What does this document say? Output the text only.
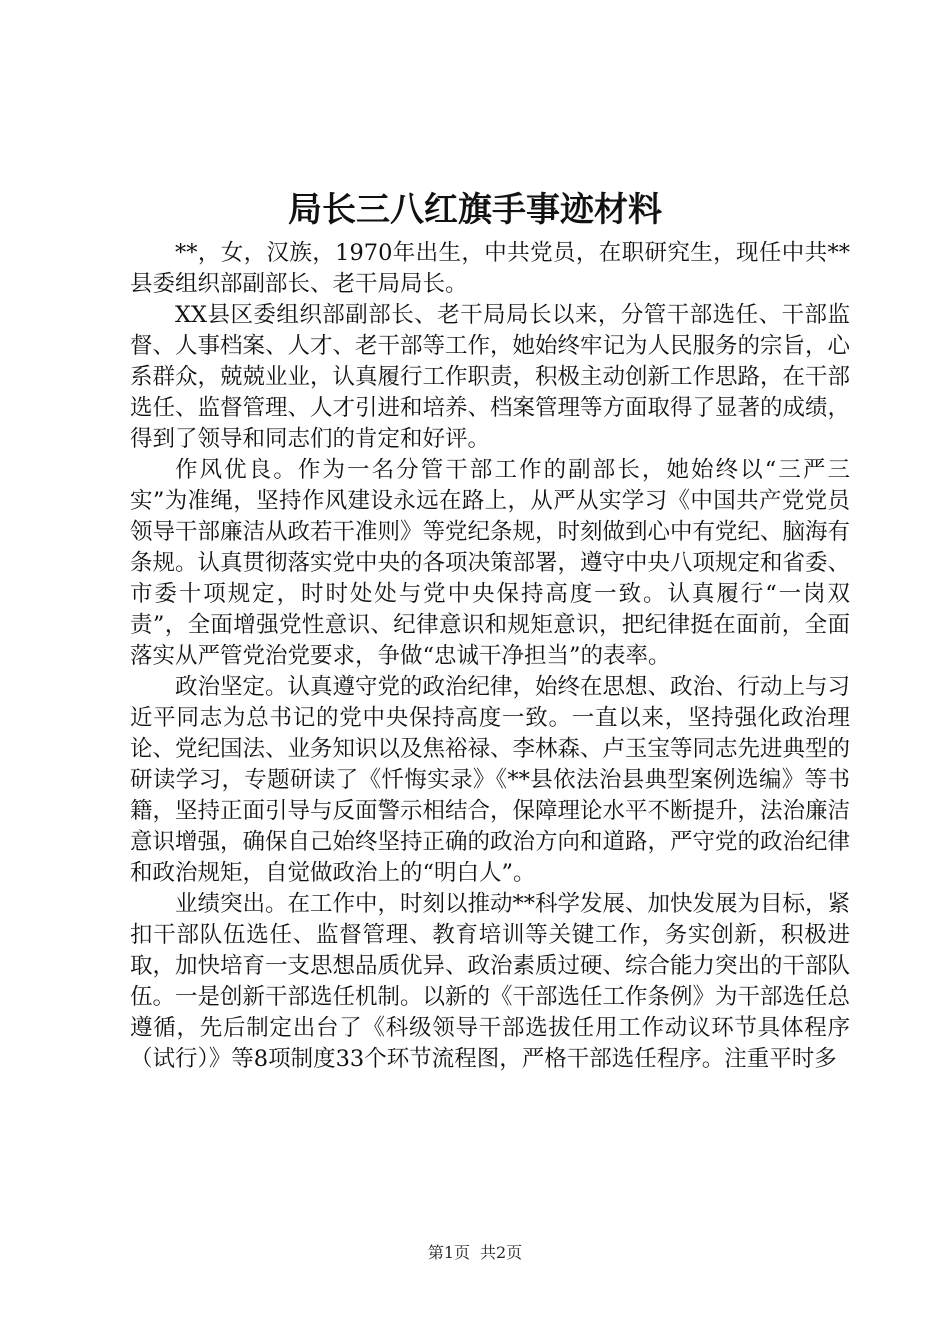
局长三八红旗手事迹材料

**，女，汉族，1970年出生，中共党员，在职研究生，现任中共**县委组织部副部长、老干局局长。

XX县区委组织部副部长、老干局局长以来，分管干部选任、干部监督、人事档案、人才、老干部等工作，她始终牢记为人民服务的宗旨，心系群众，兢兢业业，认真履行工作职责，积极主动创新工作思路，在干部选任、监督管理、人才引进和培养、档案管理等方面取得了显著的成绩，得到了领导和同志们的肯定和好评。

作风优良。作为一名分管干部工作的副部长，她始终以“三严三实”为准绳，坚持作风建设永远在路上，从严从实学习《中国共产党党员领导干部廉洁从政若干准则》等党纪条规，时刻做到心中有党纪、脑海有条规。认真贯彻落实党中央的各项决策部署，遵守中央八项规定和省委、市委十项规定，时时处处与党中央保持高度一致。认真履行“一岗双责”，全面增强党性意识、纪律意识和规矩意识，把纪律挺在面前，全面落实从严管党治党要求，争做“忠诚干净担当”的表率。

政治坚定。认真遵守党的政治纪律，始终在思想、政治、行动上与习近平同志为总书记的党中央保持高度一致。一直以来，坚持强化政治理论、党纪国法、业务知识以及焦裕禄、李林森、卢玉宝等同志先进典型的研读学习，专题研读了《忏悔实录》《**县依法治县典型案例选编》等书籍，坚持正面引导与反面警示相结合，保障理论水平不断提升，法治廉洁意识增强，确保自己始终坚持正确的政治方向和道路，严守党的政治纪律和政治规矩，自觉做政治上的“明白人”。

业绩突出。在工作中，时刻以推动**科学发展、加快发展为目标，紧扣干部队伍选任、监督管理、教育培训等关键工作，务实创新，积极进取，加快培育一支思想品质优异、政治素质过硬、综合能力突出的干部队伍。一是创新干部选任机制。以新的《干部选任工作条例》为干部选任总遵循，先后制定出台了《科级领导干部选拔任用工作动议环节具体程序（试行）》等8项制度33个环节流程图，严格干部选任程序。注重平时多

第1页 共2页
